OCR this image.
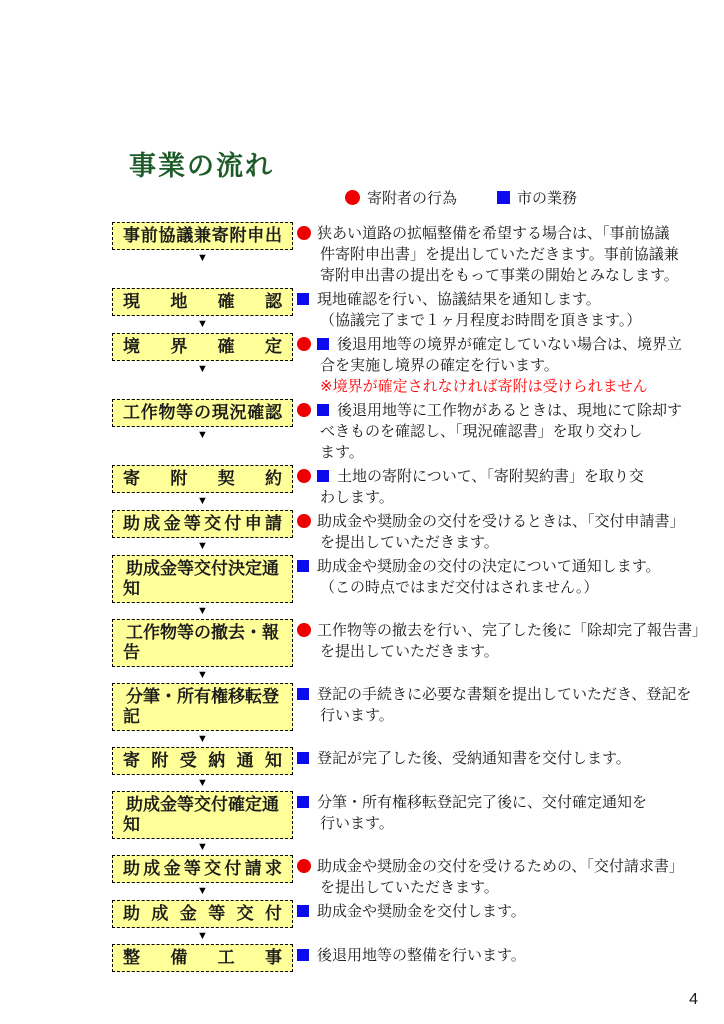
事業の流れ
寄附者の行為	市の業務
事前協議兼寄附申出
▼
狭あい道路の拡幅整備を希望する場合は、「事前協議
件寄附申出書」を提出していただきます。事前協議兼
寄附申出書の提出をもって事業の開始とみなします。
現地確認
▼
現地確認を行い、協議結果を通知します。
（協議完了まで１ヶ月程度お時間を頂きます。）
境界確定
▼
後退用地等の境界が確定していない場合は、境界立
合を実施し境界の確定を行います。
※境界が確定されなければ寄附は受けられません
工作物等の現況確認
▼
後退用地等に工作物があるときは、現地にて除却す
べきものを確認し、「現況確認書」を取り交わし
ます。
寄附契約
▼
土地の寄附について、「寄附契約書」を取り交
わします。
助成金等交付申請
▼
助成金や奨励金の交付を受けるときは、「交付申請書」
を提出していただきます。
助成金等交付決定通知
▼
助成金や奨励金の交付の決定について通知します。
（この時点ではまだ交付はされません。）
工作物等の撤去・報告
▼
工作物等の撤去を行い、完了した後に「除却完了報告書」
を提出していただきます。
分筆・所有権移転登記
▼
登記の手続きに必要な書類を提出していただき、登記を
行います。
寄附受納通知
▼
登記が完了した後、受納通知書を交付します。
助成金等交付確定通知
▼
分筆・所有権移転登記完了後に、交付確定通知を
行います。
助成金等交付請求
▼
助成金や奨励金の交付を受けるための、「交付請求書」
を提出していただきます。
助成金等交付
▼
助成金や奨励金を交付します。
整備工事	後退用地等の整備を行います。
4
